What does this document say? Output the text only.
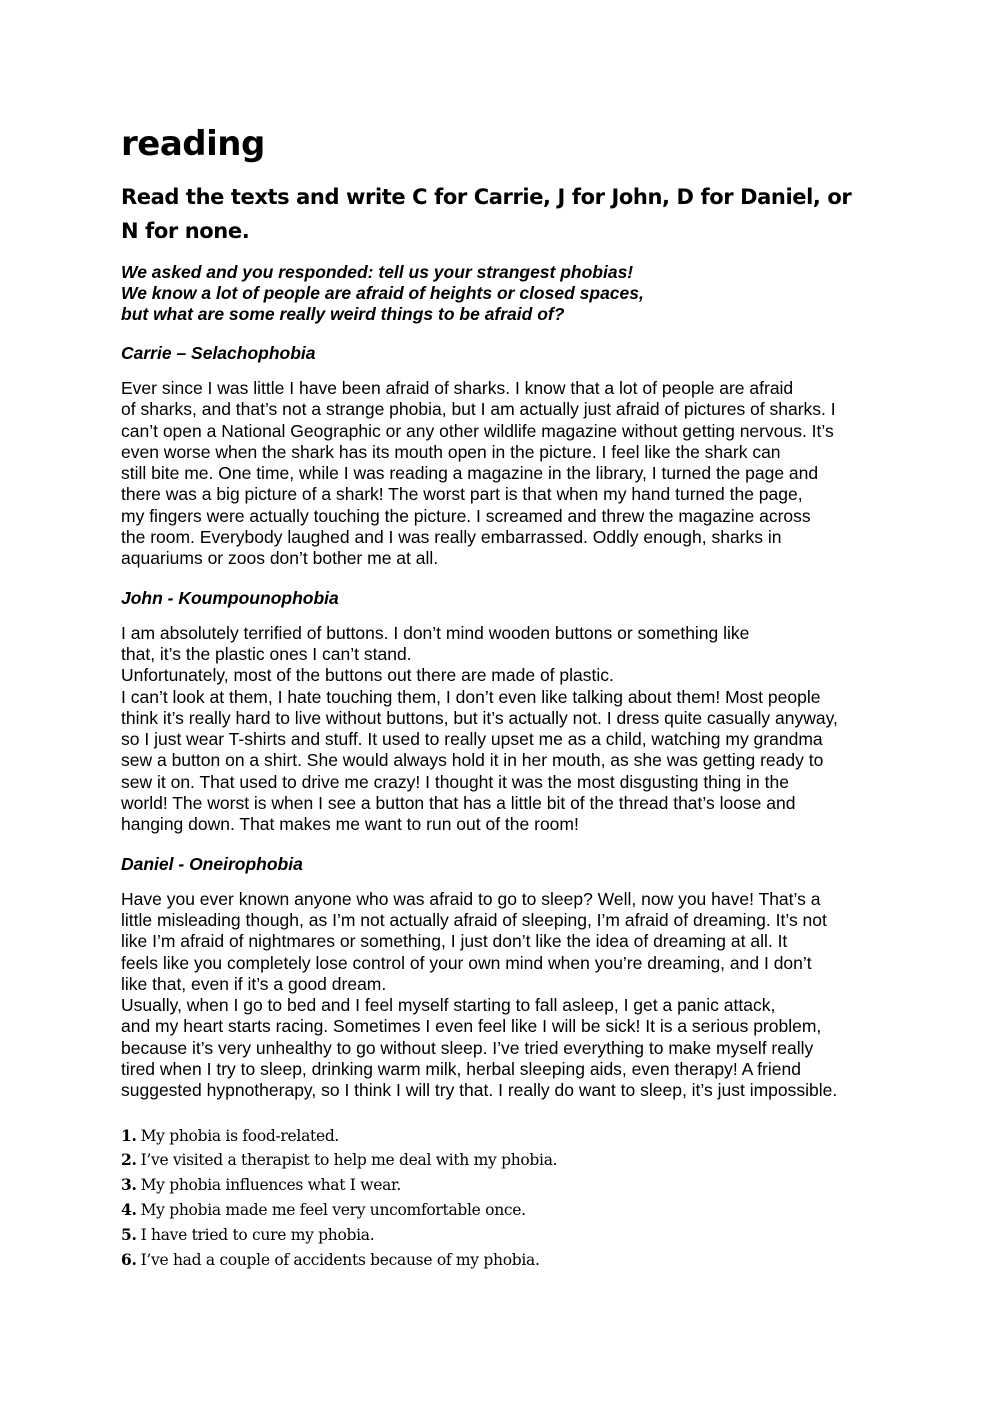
reading
Read the texts and write C for Carrie, J for John, D for Daniel, or N for none.
We asked and you responded: tell us your strangest phobias!
We know a lot of people are afraid of heights or closed spaces,
but what are some really weird things to be afraid of?
Carrie – Selachophobia

Ever since I was little I have been afraid of sharks. I know that a lot of people are afraid
of sharks, and that’s not a strange phobia, but I am actually just afraid of pictures of sharks. I
can’t open a National Geographic or any other wildlife magazine without getting nervous. It’s
even worse when the shark has its mouth open in the picture. I feel like the shark can
still bite me. One time, while I was reading a magazine in the library, I turned the page and
there was a big picture of a shark! The worst part is that when my hand turned the page,
my fingers were actually touching the picture. I screamed and threw the magazine across
the room. Everybody laughed and I was really embarrassed. Oddly enough, sharks in
aquariums or zoos don’t bother me at all.

John - Koumpounophobia

I am absolutely terrified of buttons. I don’t mind wooden buttons or something like
that, it’s the plastic ones I can’t stand.
Unfortunately, most of the buttons out there are made of plastic.
I can’t look at them, I hate touching them, I don’t even like talking about them! Most people
think it’s really hard to live without buttons, but it’s actually not. I dress quite casually anyway,
so I just wear T-shirts and stuff. It used to really upset me as a child, watching my grandma
sew a button on a shirt. She would always hold it in her mouth, as she was getting ready to
sew it on. That used to drive me crazy! I thought it was the most disgusting thing in the
world! The worst is when I see a button that has a little bit of the thread that’s loose and
hanging down. That makes me want to run out of the room!

Daniel - Oneirophobia

Have you ever known anyone who was afraid to go to sleep? Well, now you have! That’s a
little misleading though, as I’m not actually afraid of sleeping, I’m afraid of dreaming. It’s not
like I’m afraid of nightmares or something, I just don’t like the idea of dreaming at all. It
feels like you completely lose control of your own mind when you’re dreaming, and I don’t
like that, even if it’s a good dream.
Usually, when I go to bed and I feel myself starting to fall asleep, I get a panic attack,
and my heart starts racing. Sometimes I even feel like I will be sick! It is a serious problem,
because it’s very unhealthy to go without sleep. I’ve tried everything to make myself really
tired when I try to sleep, drinking warm milk, herbal sleeping aids, even therapy! A friend
suggested hypnotherapy, so I think I will try that. I really do want to sleep, it’s just impossible.

1. My phobia is food-related.
2. I’ve visited a therapist to help me deal with my phobia.
3. My phobia influences what I wear.
4. My phobia made me feel very uncomfortable once.
5. I have tried to cure my phobia.
6. I’ve had a couple of accidents because of my phobia.
